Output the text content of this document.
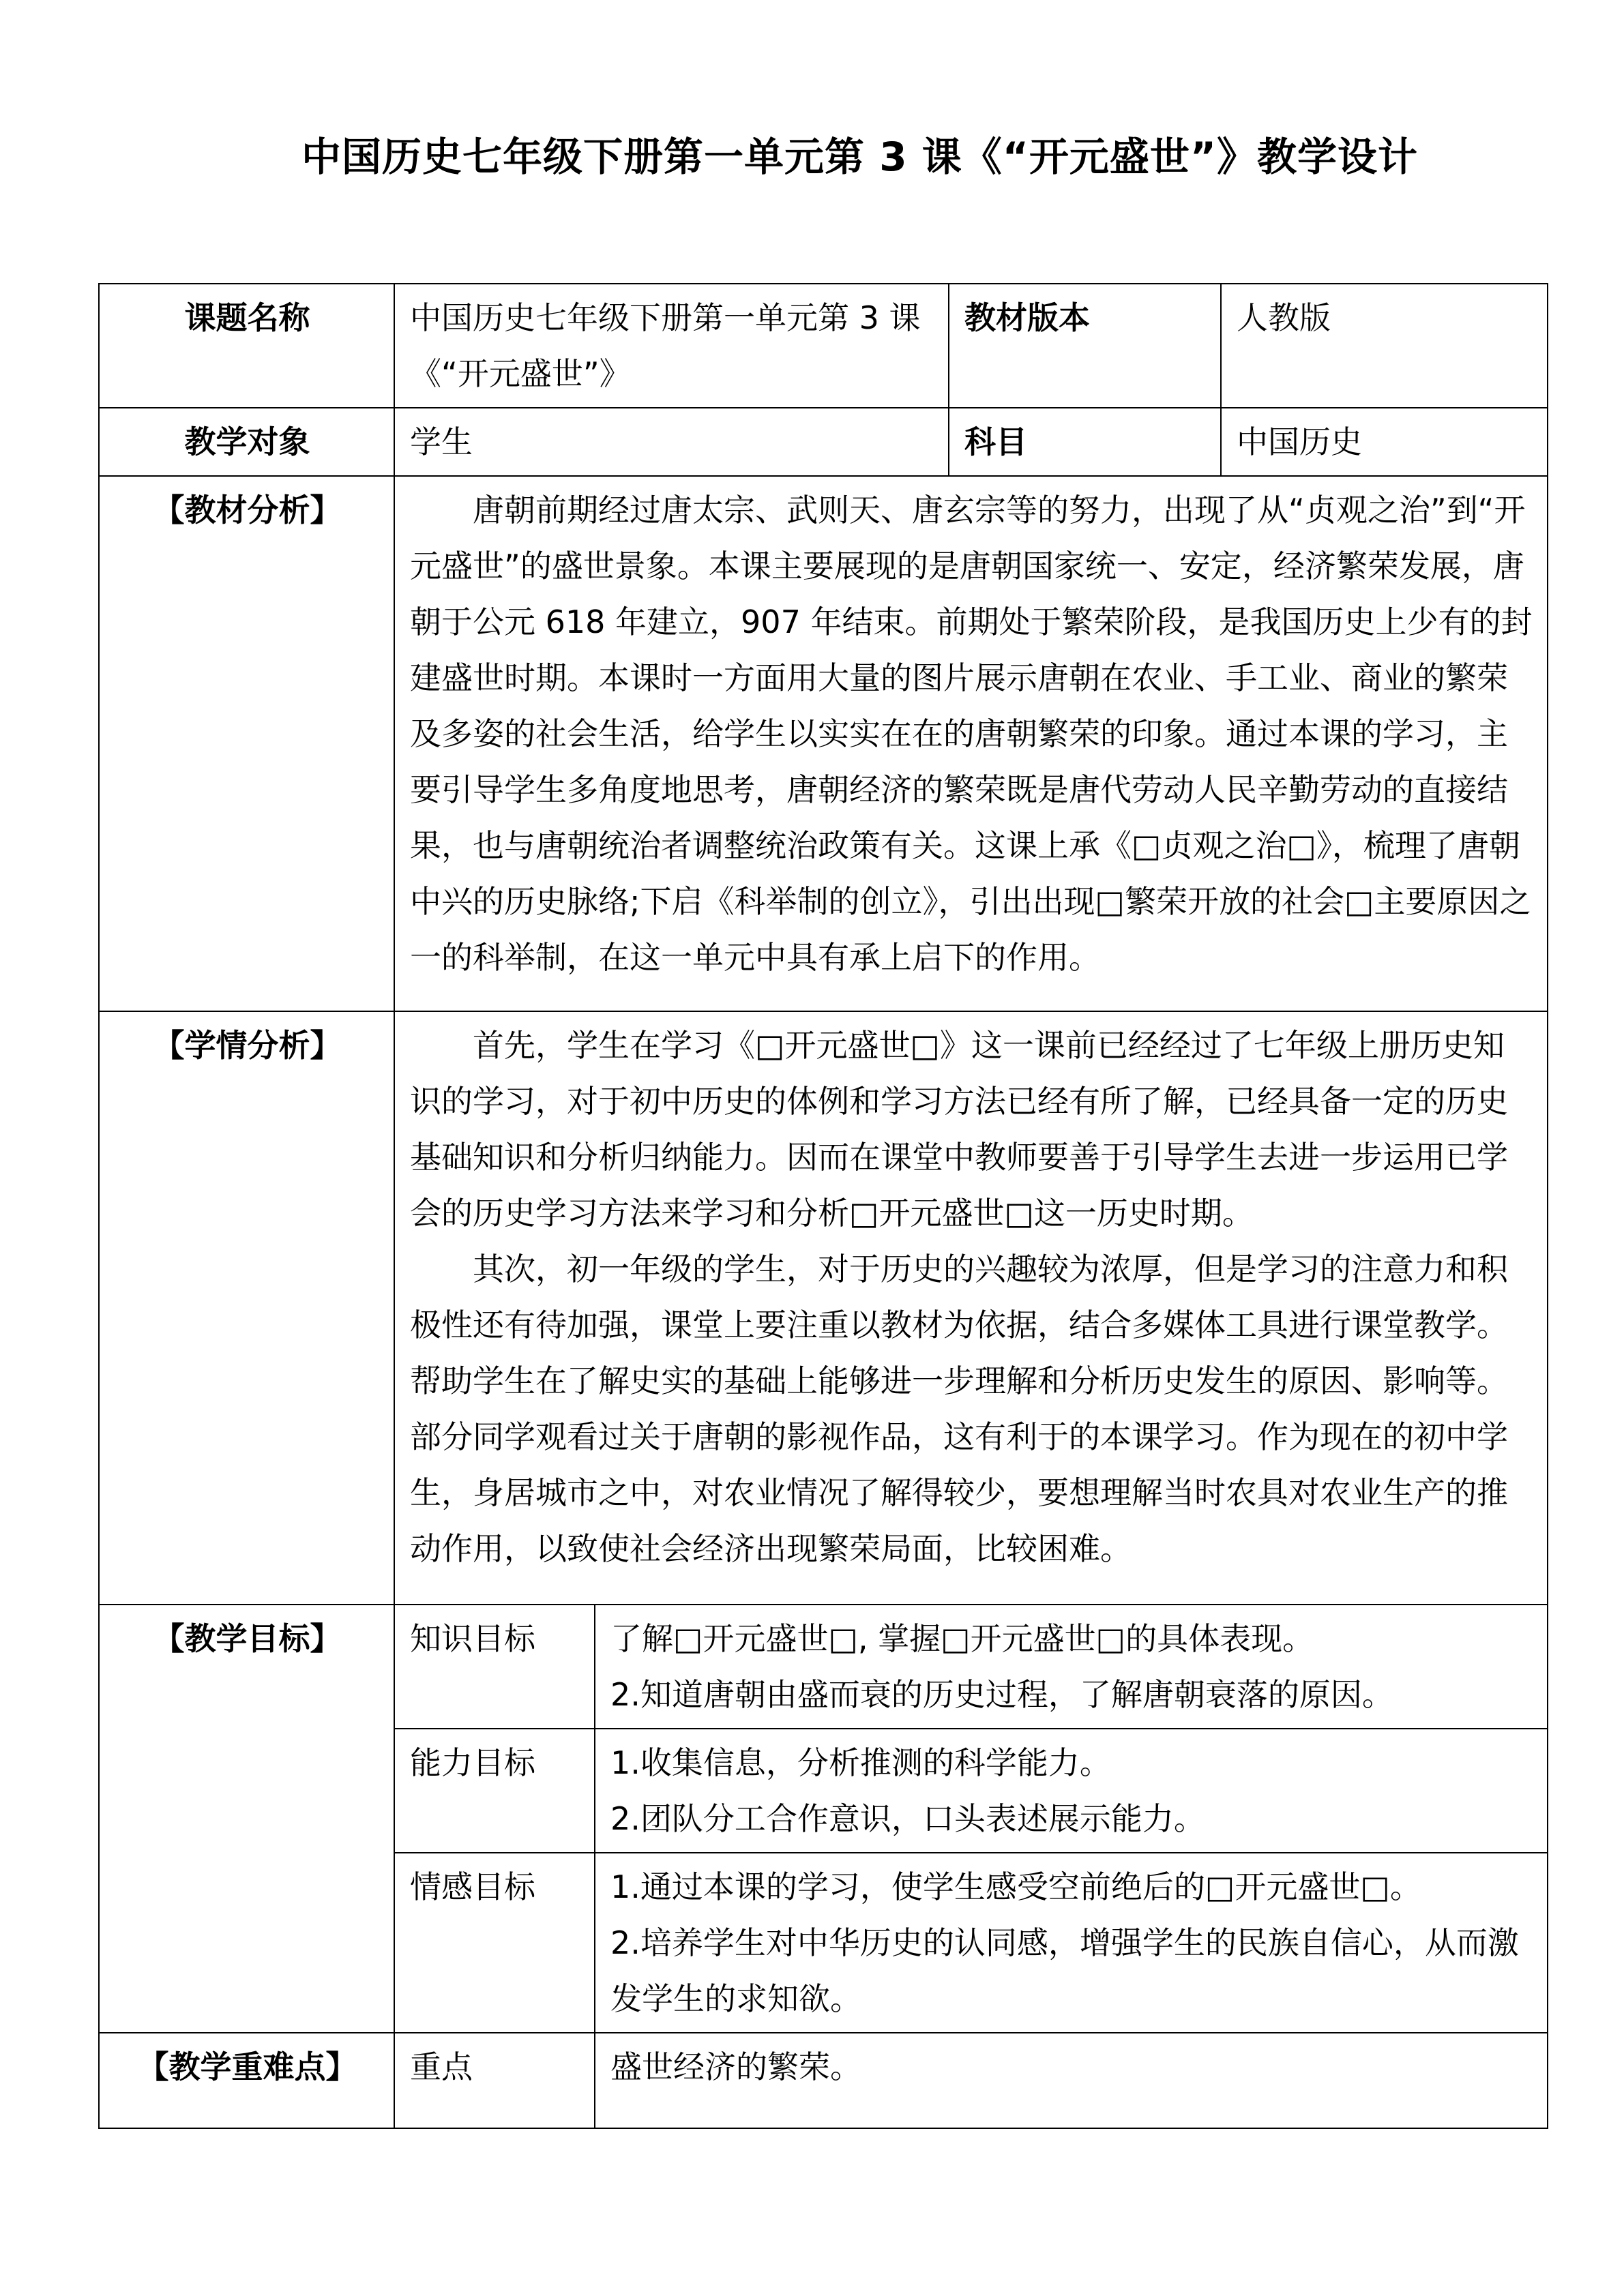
中国历史七年级下册第一单元第 3 课《“开元盛世”》教学设计
课题名称	中国历史七年级下册第一单元第 3 课《“开元盛世”》		教材版本	人教版
教学对象	学生		科目	中国历史
【教材分析】	唐朝前期经过唐太宗、武则天、唐玄宗等的努力，出现了从“贞观之治”到“开元盛世”的盛世景象。本课主要展现的是唐朝国家统一、安定，经济繁荣发展，唐朝于公元 618 年建立，907 年结束。前期处于繁荣阶段，是我国历史上少有的封建盛世时期。本课时一方面用大量的图片展示唐朝在农业、手工业、商业的繁荣及多姿的社会生活，给学生以实实在在的唐朝繁荣的印象。通过本课的学习，主要引导学生多角度地思考，唐朝经济的繁荣既是唐代劳动人民辛勤劳动的直接结果，也与唐朝统治者调整统治政策有关。这课上承《□贞观之治□》，梳理了唐朝中兴的历史脉络;下启《科举制的创立》，引出出现□繁荣开放的社会□主要原因之一的科举制，在这一单元中具有承上启下的作用。			

【学情分析】	首先，学生在学习《□开元盛世□》这一课前已经经过了七年级上册历史知识的学习，对于初中历史的体例和学习方法已经有所了解，已经具备一定的历史基础知识和分析归纳能力。因而在课堂中教师要善于引导学生去进一步运用已学会的历史学习方法来学习和分析□开元盛世□这一历史时期。

其次，初一年级的学生，对于历史的兴趣较为浓厚，但是学习的注意力和积极性还有待加强，课堂上要注重以教材为依据，结合多媒体工具进行课堂教学。帮助学生在了解史实的基础上能够进一步理解和分析历史发生的原因、影响等。 部分同学观看过关于唐朝的影视作品，这有利于的本课学习。作为现在的初中学生，身居城市之中，对农业情况了解得较少，要想理解当时农具对农业生产的推动作用，以致使社会经济出现繁荣局面，比较困难。			

【教学目标】	知识目标	了解□开元盛世□, 掌握□开元盛世□的具体表现。

2.知道唐朝由盛而衰的历史过程，了解唐朝衰落的原因。		

	能力目标	1.收集信息，分析推测的科学能力。

2.团队分工合作意识，口头表述展示能力。		

	情感目标	1.通过本课的学习，使学生感受空前绝后的□开元盛世□。

2.培养学生对中华历史的认同感，增强学生的民族自信心，从而激发学生的求知欲。		

【教学重难点】	重点	盛世经济的繁荣。		
